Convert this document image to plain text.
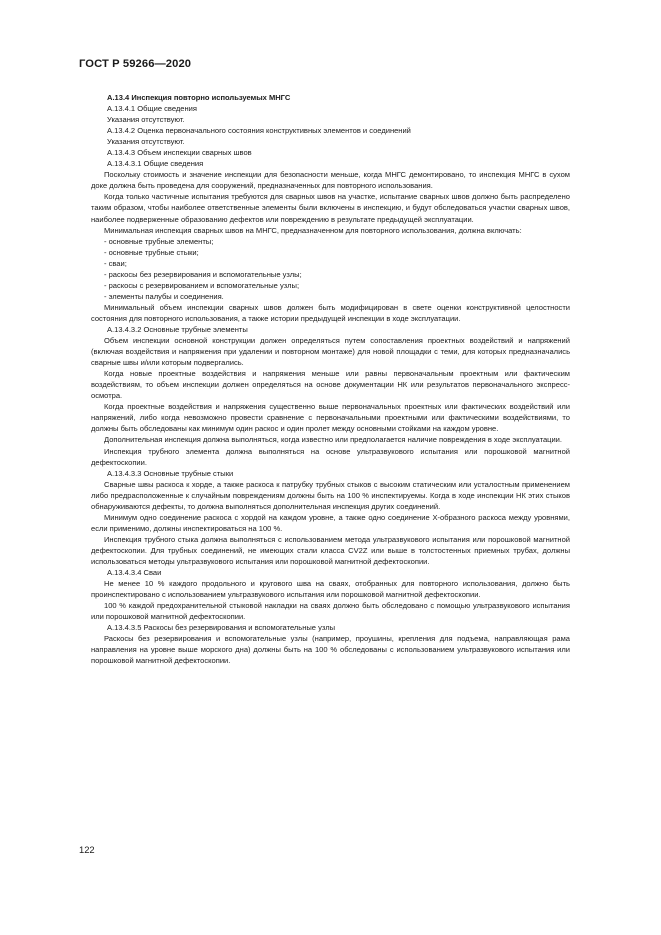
ГОСТ Р 59266—2020

А.13.4 Инспекция повторно используемых МНГС

А.13.4.1 Общие сведения

Указания отсутствуют.

А.13.4.2 Оценка первоначального состояния конструктивных элементов и соединений

Указания отсутствуют.

А.13.4.3 Объем инспекции сварных швов

А.13.4.3.1 Общие сведения

Поскольку стоимость и значение инспекции для безопасности меньше, когда МНГС демонтировано, то инспекция МНГС в сухом доке должна быть проведена для сооружений, предназначенных для повторного использования.

Когда только частичные испытания требуются для сварных швов на участке, испытание сварных швов должно быть распределено таким образом, чтобы наиболее ответственные элементы были включены в инспекцию, и будут обследоваться участки сварных швов, наиболее подверженные образованию дефектов или повреждению в результате предыдущей эксплуатации.

Минимальная инспекция сварных швов на МНГС, предназначенном для повторного использования, должна включать:

- основные трубные элементы;

- основные трубные стыки;

- сваи;

- раскосы без резервирования и вспомогательные узлы;

- раскосы с резервированием и вспомогательные узлы;

- элементы палубы и соединения.

Минимальный объем инспекции сварных швов должен быть модифицирован в свете оценки конструктивной целостности состояния для повторного использования, а также истории предыдущей инспекции в ходе эксплуатации.

А.13.4.3.2 Основные трубные элементы

Объем инспекции основной конструкции должен определяться путем сопоставления проектных воздействий и напряжений (включая воздействия и напряжения при удалении и повторном монтаже) для новой площадки с теми, для которых предназначались сварные швы и/или которым подвергались.

Когда новые проектные воздействия и напряжения меньше или равны первоначальным проектным или фактическим воздействиям, то объем инспекции должен определяться на основе документации НК или результатов первоначального экспресс-осмотра.

Когда проектные воздействия и напряжения существенно выше первоначальных проектных или фактических воздействий или напряжений, либо когда невозможно провести сравнение с первоначальными проектными или фактическими воздействиями, то должны быть обследованы как минимум один раскос и один пролет между основными стойками на каждом уровне.

Дополнительная инспекция должна выполняться, когда известно или предполагается наличие повреждения в ходе эксплуатации.

Инспекция трубного элемента должна выполняться на основе ультразвукового испытания или порошковой магнитной дефектоскопии.

А.13.4.3.3 Основные трубные стыки

Сварные швы раскоса к хорде, а также раскоса к патрубку трубных стыков с высоким статическим или усталостным применением либо предрасположенные к случайным повреждениям должны быть на 100 % инспектируемы. Когда в ходе инспекции НК этих стыков обнаруживаются дефекты, то должна выполняться дополнительная инспекция других соединений.

Минимум одно соединение раскоса с хордой на каждом уровне, а также одно соединение X-образного раскоса между уровнями, если применимо, должны инспектироваться на 100 %.

Инспекция трубного стыка должна выполняться с использованием метода ультразвукового испытания или порошковой магнитной дефектоскопии. Для трубных соединений, не имеющих стали класса CV2Z или выше в толстостенных приемных трубах, должны использоваться методы ультразвукового испытания или порошковой магнитной дефектоскопии.

А.13.4.3.4 Сваи

Не менее 10 % каждого продольного и кругового шва на сваях, отобранных для повторного использования, должно быть проинспектировано с использованием ультразвукового испытания или порошковой магнитной дефектоскопии.

100 % каждой предохранительной стыковой накладки на сваях должно быть обследовано с помощью ультразвукового испытания или порошковой магнитной дефектоскопии.

А.13.4.3.5 Раскосы без резервирования и вспомогательные узлы

Раскосы без резервирования и вспомогательные узлы (например, проушины, крепления для подъема, направляющая рама направления на уровне выше морского дна) должны быть на 100 % обследованы с использованием ультразвукового испытания или порошковой магнитной дефектоскопии.

122
